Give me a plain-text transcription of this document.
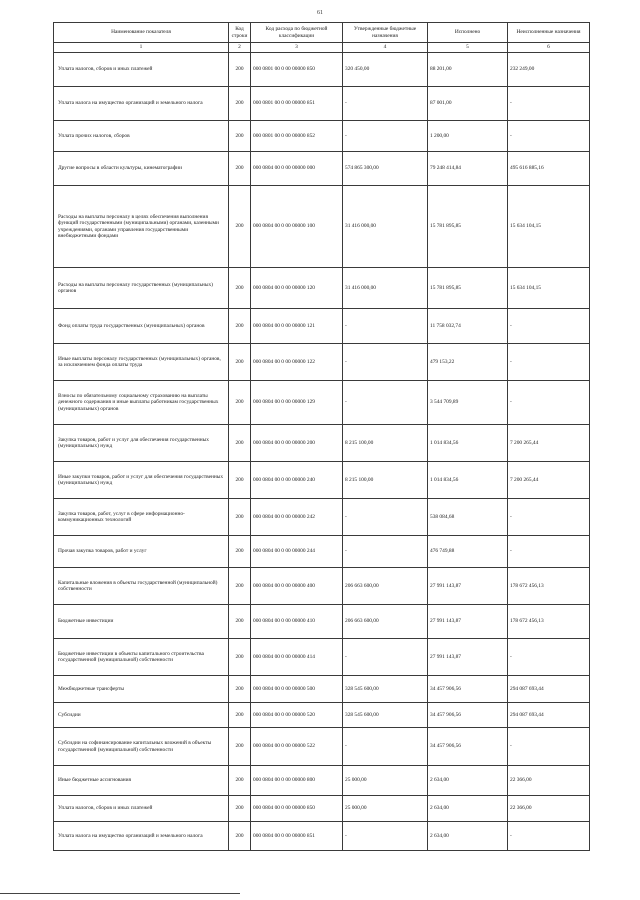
61
Наименование показателя	Код строки	Код расхода по бюджетной классификации	Утвержденные бюджетные назначения	Исполнено	Неисполненные назначения
1	2	3	4	5	6
Уплата налогов, сборов и иных платежей	200	000 0801 00 0 00 00000 850	320 450,00	88 201,00	232 249,00
Уплата налога на имущество организаций и земельного налога	200	000 0801 00 0 00 00000 851	-	87 001,00	-
Уплата прочих налогов, сборов	200	000 0801 00 0 00 00000 852	-	1 200,00	-
Другие вопросы в области культуры, кинематографии	200	000 0804 00 0 00 00000 000	574 865 300,00	79 248 414,84	495 616 885,16
Расходы на выплаты персоналу в целях обеспечения выполнения функций государственными (муниципальными) органами, казенными учреждениями, органами управления государственными внебюджетными фондами	200	000 0804 00 0 00 00000 100	31 416 000,00	15 781 895,85	15 634 104,15
Расходы на выплаты персоналу государственных (муниципальных) органов	200	000 0804 00 0 00 00000 120	31 416 000,00	15 781 895,85	15 634 104,15
Фонд оплаты труда государственных (муниципальных) органов	200	000 0804 00 0 00 00000 121	-	11 758 032,74	-
Иные выплаты персоналу государственных (муниципальных) органов, за исключением фонда оплаты труда	200	000 0804 00 0 00 00000 122	-	479 153,22	-
Взносы по обязательному социальному страхованию на выплаты денежного содержания и иные выплаты работникам государственных (муниципальных) органов	200	000 0804 00 0 00 00000 129	-	3 544 709,89	-
Закупка товаров, работ и услуг для обеспечения государственных (муниципальных) нужд	200	000 0804 00 0 00 00000 200	8 215 100,00	1 014 834,56	7 200 265,44
Иные закупки товаров, работ и услуг для обеспечения государственных (муниципальных) нужд	200	000 0804 00 0 00 00000 240	8 215 100,00	1 014 834,56	7 200 265,44
Закупка товаров, работ, услуг в сфере информационно-коммуникационных технологий	200	000 0804 00 0 00 00000 242	-	538 084,68	-
Прочая закупка товаров, работ и услуг	200	000 0804 00 0 00 00000 244	-	476 749,88	-
Капитальные вложения в объекты государственной (муниципальной) собственности	200	000 0804 00 0 00 00000 400	206 663 600,00	27 991 143,87	178 672 456,13
Бюджетные инвестиции	200	000 0804 00 0 00 00000 410	206 663 600,00	27 991 143,87	178 672 456,13
Бюджетные инвестиции в объекты капитального строительства государственной (муниципальной) собственности	200	000 0804 00 0 00 00000 414	-	27 991 143,87	-
Межбюджетные трансферты	200	000 0804 00 0 00 00000 500	328 545 600,00	34 457 906,56	294 087 693,44
Субсидии	200	000 0804 00 0 00 00000 520	328 545 600,00	34 457 906,56	294 087 693,44
Субсидии на софинансирование капитальных вложений в объекты государственной (муниципальной) собственности	200	000 0804 00 0 00 00000 522	-	34 457 906,56	-
Иные бюджетные ассигнования	200	000 0804 00 0 00 00000 800	25 000,00	2 634,00	22 366,00
Уплата налогов, сборов и иных платежей	200	000 0804 00 0 00 00000 850	25 000,00	2 634,00	22 366,00
Уплата налога на имущество организаций и земельного налога	200	000 0804 00 0 00 00000 851	-	2 634,00	-
